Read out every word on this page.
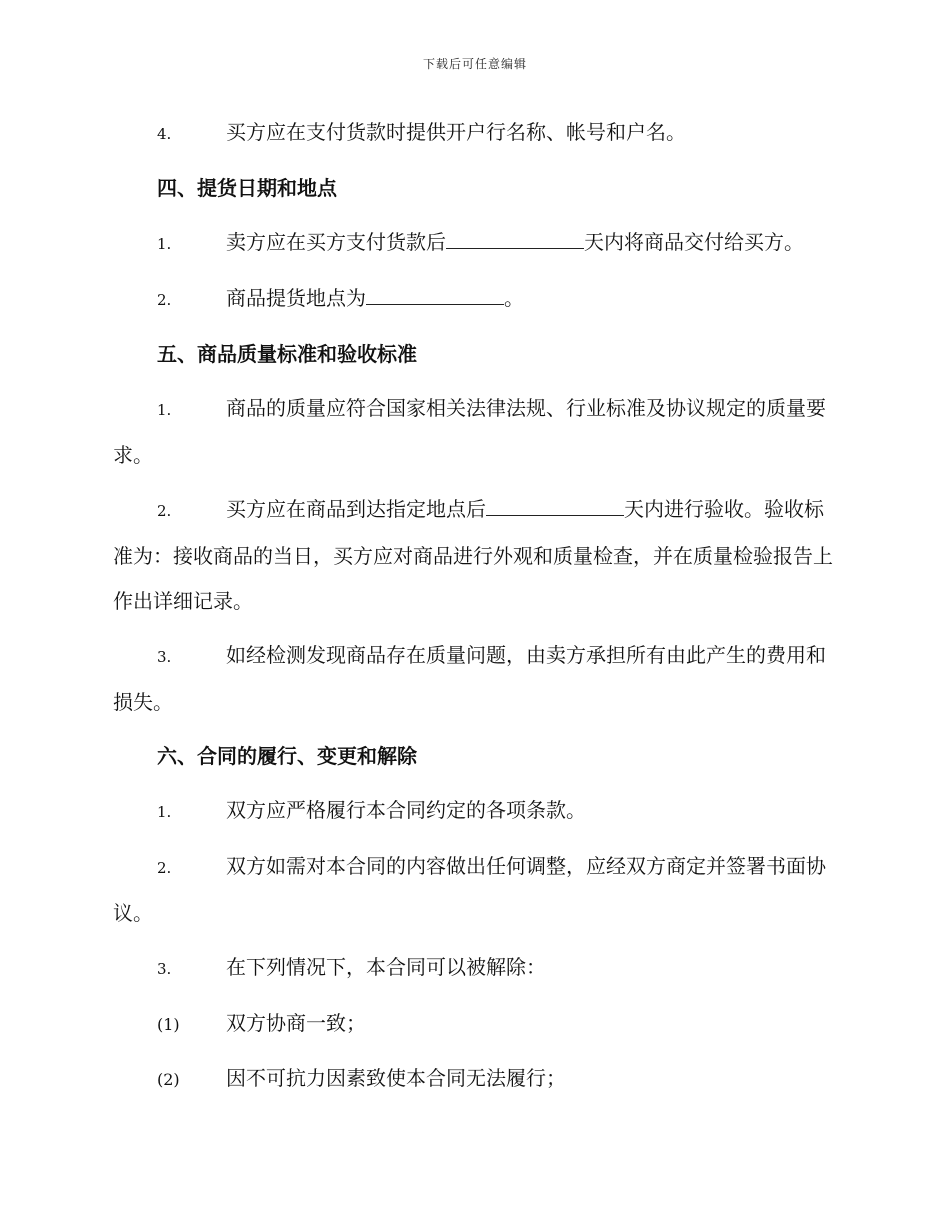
下载后可任意编辑

4.	买方应在支付货款时提供开户行名称、帐号和户名。

四、提货日期和地点

1.	卖方应在买方支付货款后	天内将商品交付给买方。

2.	商品提货地点为	。

五、商品质量标准和验收标准

1.	商品的质量应符合国家相关法律法规、行业标准及协议规定的质量要求。

2.	买方应在商品到达指定地点后	天内进行验收。验收标准为：接收商品的当日，买方应对商品进行外观和质量检查，并在质量检验报告上作出详细记录。

3.	如经检测发现商品存在质量问题，由卖方承担所有由此产生的费用和损失。

六、合同的履行、变更和解除

1.	双方应严格履行本合同约定的各项条款。

2.	双方如需对本合同的内容做出任何调整，应经双方商定并签署书面协议。

3.	在下列情况下，本合同可以被解除：

(1) 双方协商一致；

(2) 因不可抗力因素致使本合同无法履行；
